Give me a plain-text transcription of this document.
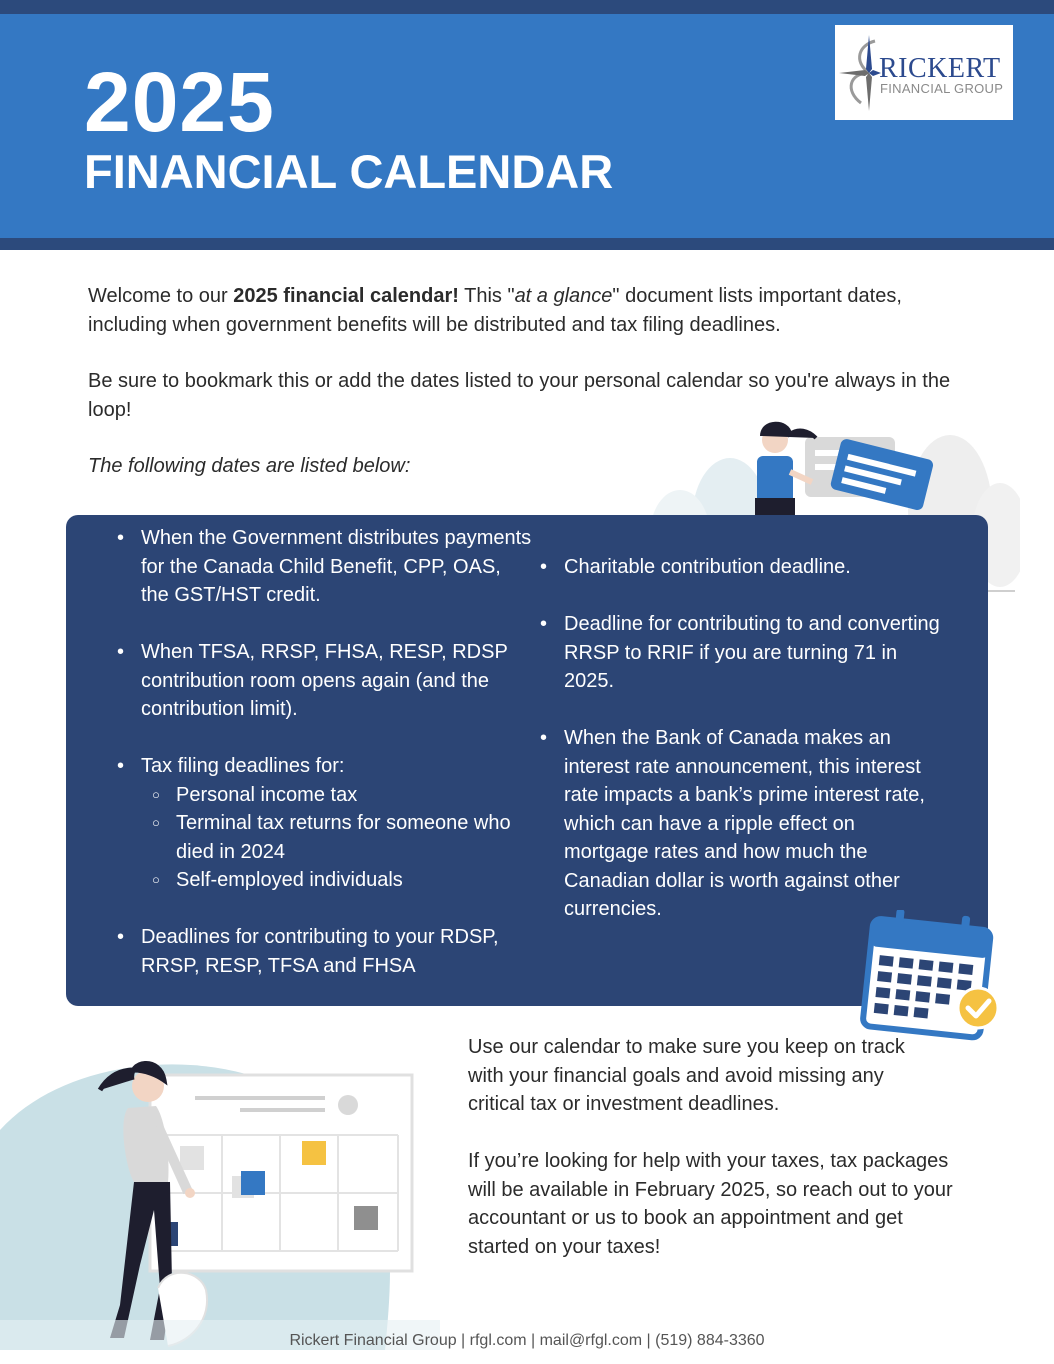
2025
FINANCIAL CALENDAR
RICKERT
FINANCIAL GROUP

Welcome to our 2025 financial calendar! This "at a glance" document lists important dates, including when government benefits will be distributed and tax filing deadlines.

Be sure to bookmark this or add the dates listed to your personal calendar so you're always in the loop!

The following dates are listed below:

• When the Government distributes payments for the Canada Child Benefit, CPP, OAS, the GST/HST credit.
• When TFSA, RRSP, FHSA, RESP, RDSP contribution room opens again (and the contribution limit).
• Tax filing deadlines for:
○ Personal income tax
○ Terminal tax returns for someone who died in 2024
○ Self-employed individuals
• Deadlines for contributing to your RDSP, RRSP, RESP, TFSA and FHSA
• Charitable contribution deadline.
• Deadline for contributing to and converting RRSP to RRIF if you are turning 71 in 2025.
• When the Bank of Canada makes an interest rate announcement, this interest rate impacts a bank’s prime interest rate, which can have a ripple effect on mortgage rates and how much the Canadian dollar is worth against other currencies.

Use our calendar to make sure you keep on track with your financial goals and avoid missing any critical tax or investment deadlines.

If you’re looking for help with your taxes, tax packages will be available in February 2025, so reach out to your accountant or us to book an appointment and get started on your taxes!

Rickert Financial Group | rfgl.com | mail@rfgl.com | (519) 884-3360
